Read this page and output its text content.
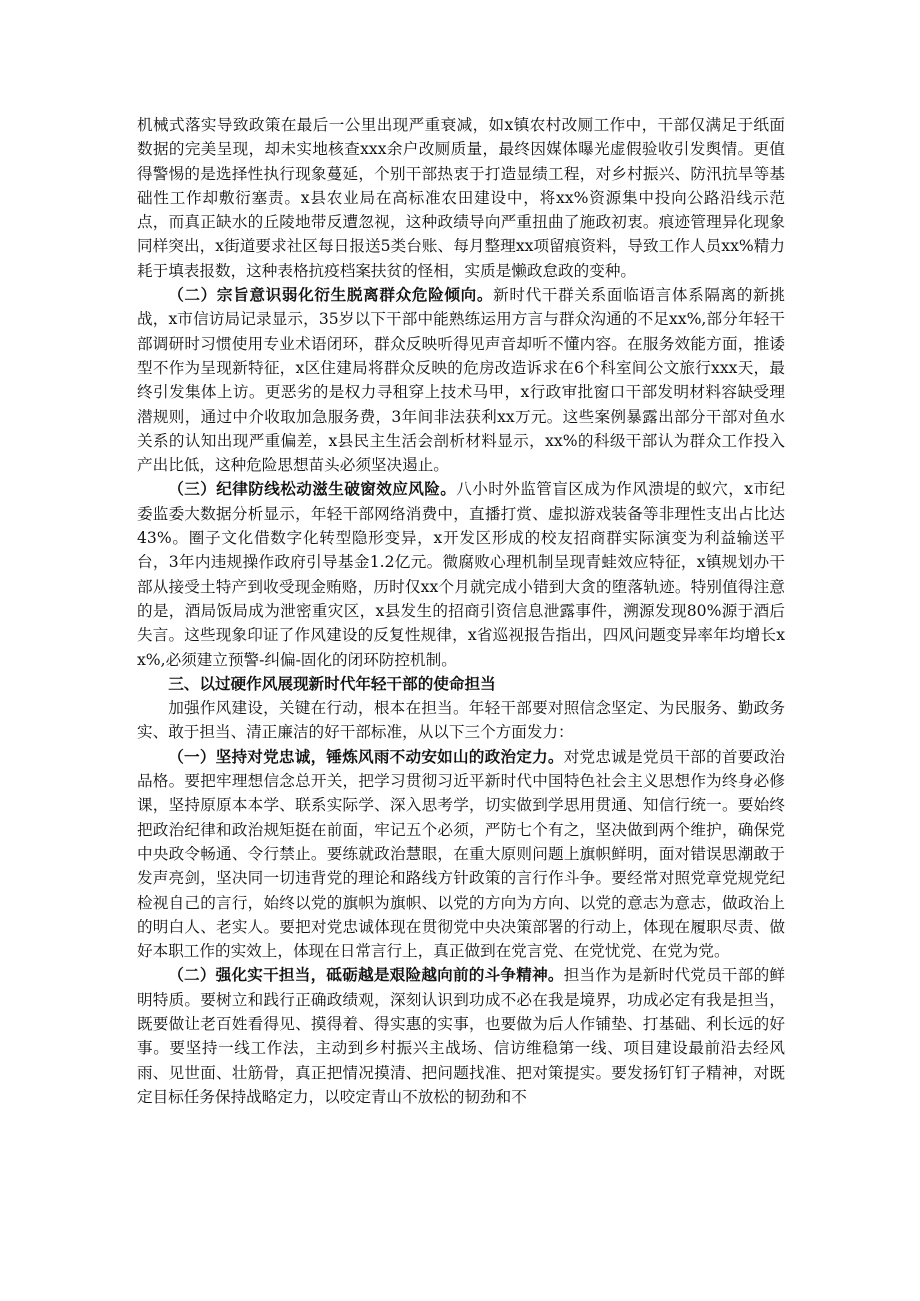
机械式落实导致政策在最后一公里出现严重衰减，如x镇农村改厕工作中，干部仅满足于纸面数据的完美呈现，却未实地核查xxx余户改厕质量，最终因媒体曝光虚假验收引发舆情。更值得警惕的是选择性执行现象蔓延，个别干部热衷于打造显绩工程，对乡村振兴、防汛抗旱等基础性工作却敷衍塞责。x县农业局在高标准农田建设中，将xx%资源集中投向公路沿线示范点，而真正缺水的丘陵地带反遭忽视，这种政绩导向严重扭曲了施政初衷。痕迹管理异化现象同样突出，x街道要求社区每日报送5类台账、每月整理xx项留痕资料，导致工作人员xx%精力耗于填表报数，这种表格抗疫档案扶贫的怪相，实质是懒政怠政的变种。

（二）宗旨意识弱化衍生脱离群众危险倾向。新时代干群关系面临语言体系隔离的新挑战，x市信访局记录显示，35岁以下干部中能熟练运用方言与群众沟通的不足xx%,部分年轻干部调研时习惯使用专业术语闭环，群众反映听得见声音却听不懂内容。在服务效能方面，推诿型不作为呈现新特征，x区住建局将群众反映的危房改造诉求在6个科室间公文旅行xxx天，最终引发集体上访。更恶劣的是权力寻租穿上技术马甲，x行政审批窗口干部发明材料容缺受理潜规则，通过中介收取加急服务费，3年间非法获利xx万元。这些案例暴露出部分干部对鱼水关系的认知出现严重偏差，x县民主生活会剖析材料显示，xx%的科级干部认为群众工作投入产出比低，这种危险思想苗头必须坚决遏止。

（三）纪律防线松动滋生破窗效应风险。八小时外监管盲区成为作风溃堤的蚁穴，x市纪委监委大数据分析显示，年轻干部网络消费中，直播打赏、虚拟游戏装备等非理性支出占比达43%。圈子文化借数字化转型隐形变异，x开发区形成的校友招商群实际演变为利益输送平台，3年内违规操作政府引导基金1.2亿元。微腐败心理机制呈现青蛙效应特征，x镇规划办干部从接受土特产到收受现金贿赂，历时仅xx个月就完成小错到大贪的堕落轨迹。特别值得注意的是，酒局饭局成为泄密重灾区，x县发生的招商引资信息泄露事件，溯源发现80%源于酒后失言。这些现象印证了作风建设的反复性规律，x省巡视报告指出，四风问题变异率年均增长xx%,必须建立预警-纠偏-固化的闭环防控机制。

三、以过硬作风展现新时代年轻干部的使命担当

加强作风建设，关键在行动，根本在担当。年轻干部要对照信念坚定、为民服务、勤政务实、敢于担当、清正廉洁的好干部标准，从以下三个方面发力：

（一）坚持对党忠诚，锤炼风雨不动安如山的政治定力。对党忠诚是党员干部的首要政治品格。要把牢理想信念总开关，把学习贯彻习近平新时代中国特色社会主义思想作为终身必修课，坚持原原本本学、联系实际学、深入思考学，切实做到学思用贯通、知信行统一。要始终把政治纪律和政治规矩挺在前面，牢记五个必须，严防七个有之，坚决做到两个维护，确保党中央政令畅通、令行禁止。要练就政治慧眼，在重大原则问题上旗帜鲜明，面对错误思潮敢于发声亮剑，坚决同一切违背党的理论和路线方针政策的言行作斗争。要经常对照党章党规党纪检视自己的言行，始终以党的旗帜为旗帜、以党的方向为方向、以党的意志为意志，做政治上的明白人、老实人。要把对党忠诚体现在贯彻党中央决策部署的行动上，体现在履职尽责、做好本职工作的实效上，体现在日常言行上，真正做到在党言党、在党忧党、在党为党。

（二）强化实干担当，砥砺越是艰险越向前的斗争精神。担当作为是新时代党员干部的鲜明特质。要树立和践行正确政绩观，深刻认识到功成不必在我是境界，功成必定有我是担当，既要做让老百姓看得见、摸得着、得实惠的实事，也要做为后人作铺垫、打基础、利长远的好事。要坚持一线工作法，主动到乡村振兴主战场、信访维稳第一线、项目建设最前沿去经风雨、见世面、壮筋骨，真正把情况摸清、把问题找准、把对策提实。要发扬钉钉子精神，对既定目标任务保持战略定力，以咬定青山不放松的韧劲和不
